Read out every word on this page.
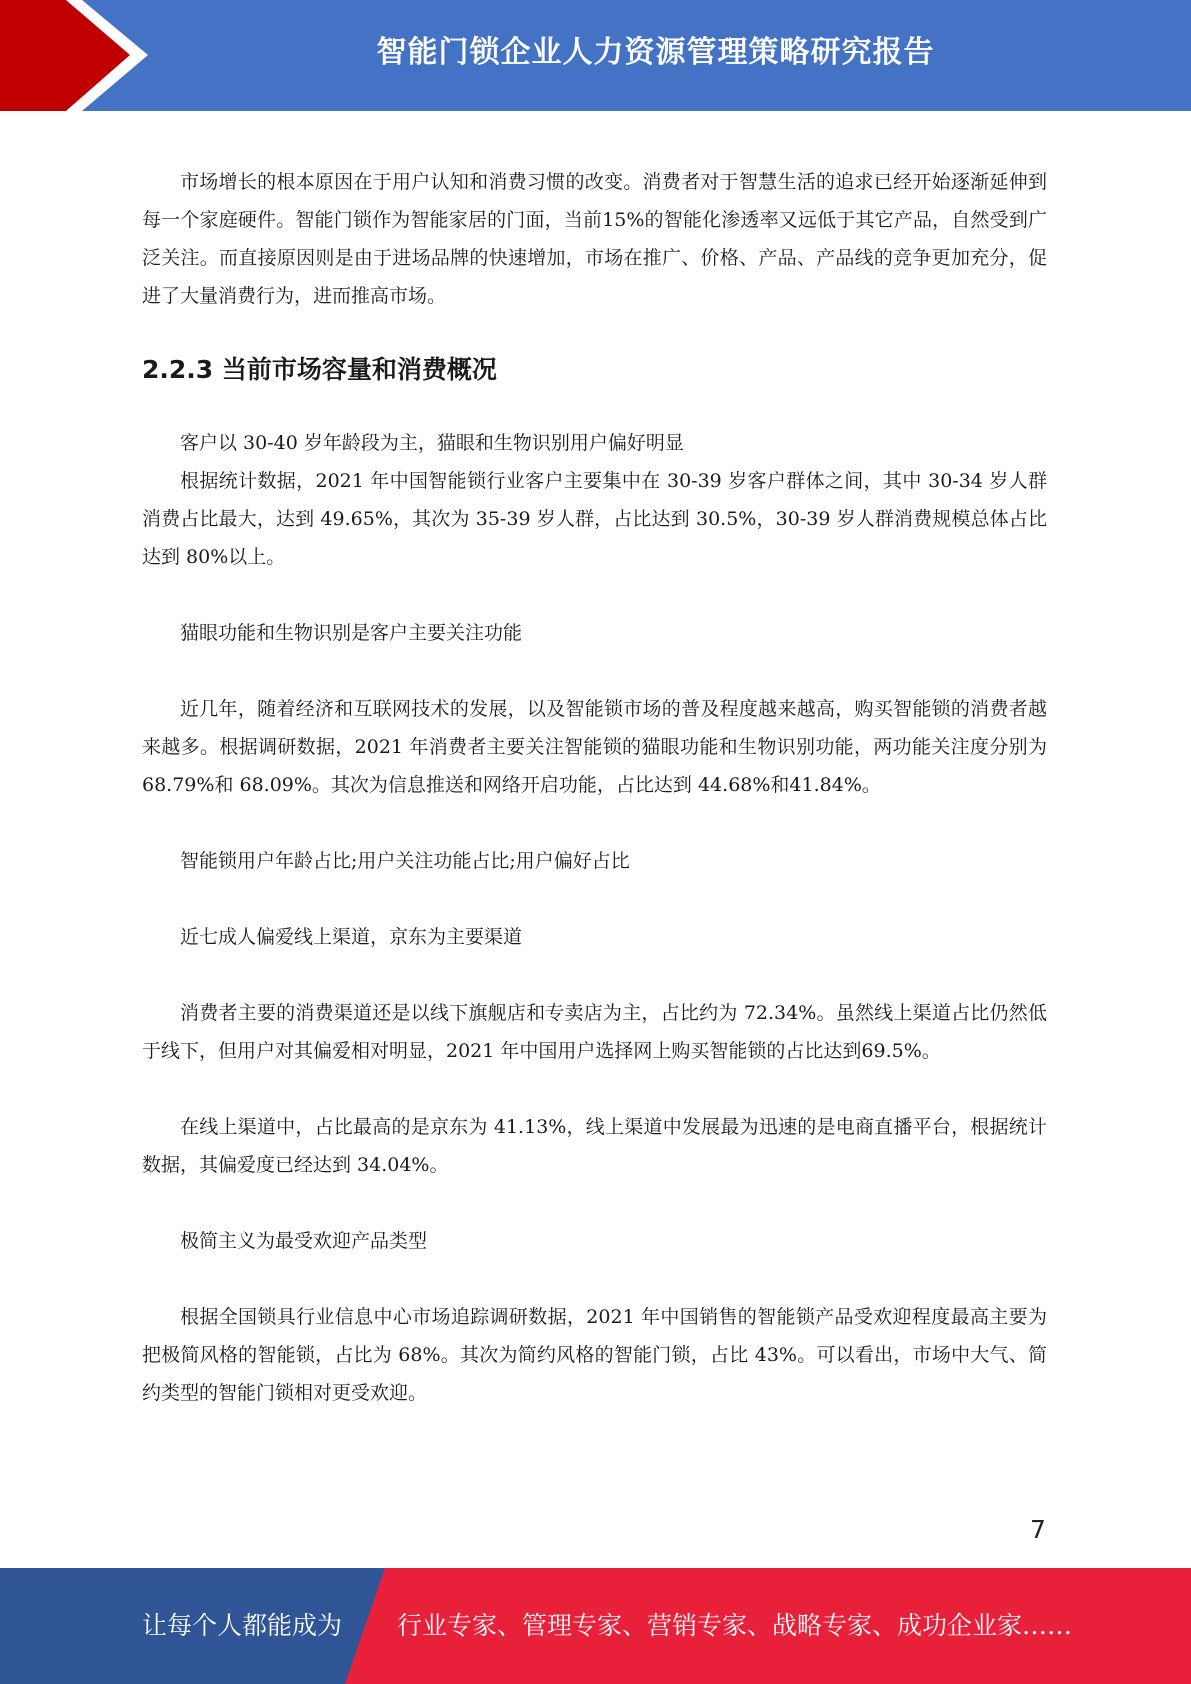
智能门锁企业人力资源管理策略研究报告

市场增长的根本原因在于用户认知和消费习惯的改变。消费者对于智慧生活的追求已经开始逐渐延伸到每一个家庭硬件。智能门锁作为智能家居的门面，当前15%的智能化渗透率又远低于其它产品，自然受到广泛关注。而直接原因则是由于进场品牌的快速增加，市场在推广、价格、产品、产品线的竞争更加充分，促进了大量消费行为，进而推高市场。

2.2.3 当前市场容量和消费概况

客户以 30-40 岁年龄段为主，猫眼和生物识别用户偏好明显

根据统计数据，2021 年中国智能锁行业客户主要集中在 30-39 岁客户群体之间，其中 30-34 岁人群消费占比最大，达到 49.65%，其次为 35-39 岁人群，占比达到 30.5%，30-39 岁人群消费规模总体占比达到 80%以上。

猫眼功能和生物识别是客户主要关注功能

近几年，随着经济和互联网技术的发展，以及智能锁市场的普及程度越来越高，购买智能锁的消费者越来越多。根据调研数据，2021 年消费者主要关注智能锁的猫眼功能和生物识别功能，两功能关注度分别为 68.79%和 68.09%。其次为信息推送和网络开启功能，占比达到 44.68%和41.84%。

智能锁用户年龄占比;用户关注功能占比;用户偏好占比

近七成人偏爱线上渠道，京东为主要渠道

消费者主要的消费渠道还是以线下旗舰店和专卖店为主，占比约为 72.34%。虽然线上渠道占比仍然低于线下，但用户对其偏爱相对明显，2021 年中国用户选择网上购买智能锁的占比达到69.5%。

在线上渠道中，占比最高的是京东为 41.13%，线上渠道中发展最为迅速的是电商直播平台，根据统计数据，其偏爱度已经达到 34.04%。

极简主义为最受欢迎产品类型

根据全国锁具行业信息中心市场追踪调研数据，2021 年中国销售的智能锁产品受欢迎程度最高主要为把极简风格的智能锁，占比为 68%。其次为简约风格的智能门锁，占比 43%。可以看出，市场中大气、简约类型的智能门锁相对更受欢迎。

7
让每个人都能成为 行业专家、管理专家、营销专家、战略专家、成功企业家……
